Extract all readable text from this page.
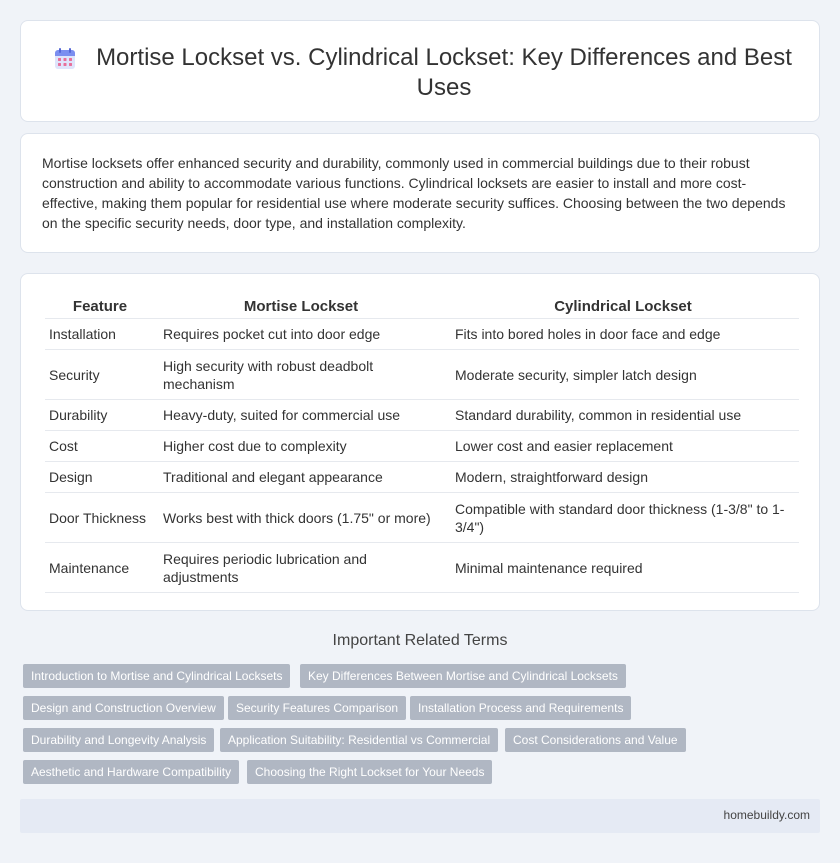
Mortise Lockset vs. Cylindrical Lockset: Key Differences and Best Uses

Mortise locksets offer enhanced security and durability, commonly used in commercial buildings due to their robust construction and ability to accommodate various functions. Cylindrical locksets are easier to install and more cost-effective, making them popular for residential use where moderate security suffices. Choosing between the two depends on the specific security needs, door type, and installation complexity.

Feature	Mortise Lockset	Cylindrical Lockset
Installation	Requires pocket cut into door edge	Fits into bored holes in door face and edge
Security	High security with robust deadbolt mechanism	Moderate security, simpler latch design
Durability	Heavy-duty, suited for commercial use	Standard durability, common in residential use
Cost	Higher cost due to complexity	Lower cost and easier replacement
Design	Traditional and elegant appearance	Modern, straightforward design
Door Thickness	Works best with thick doors (1.75" or more)	Compatible with standard door thickness (1-3/8" to 1-3/4")
Maintenance	Requires periodic lubrication and adjustments	Minimal maintenance required
Important Related Terms
Introduction to Mortise and Cylindrical Locksets	Key Differences Between Mortise and Cylindrical Locksets
Design and Construction Overview	Security Features Comparison	Installation Process and Requirements
Durability and Longevity Analysis	Application Suitability: Residential vs Commercial	Cost Considerations and Value
Aesthetic and Hardware Compatibility	Choosing the Right Lockset for Your Needs
homebuildy.com
